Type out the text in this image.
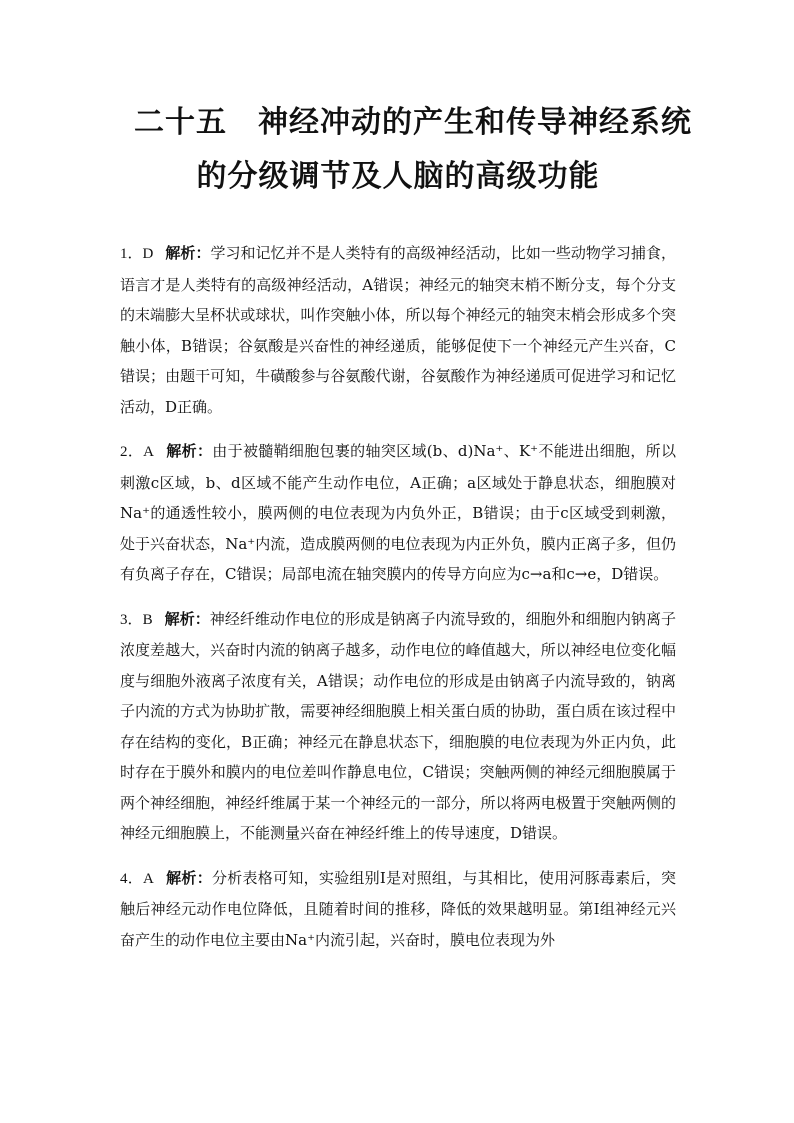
二十五　神经冲动的产生和传导神经系统
的分级调节及人脑的高级功能

1．D 解析：学习和记忆并不是人类特有的高级神经活动，比如一些动物学习捕食，语言才是人类特有的高级神经活动，A错误；神经元的轴突末梢不断分支，每个分支的末端膨大呈杯状或球状，叫作突触小体，所以每个神经元的轴突末梢会形成多个突触小体，B错误；谷氨酸是兴奋性的神经递质，能够促使下一个神经元产生兴奋，C错误；由题干可知，牛磺酸参与谷氨酸代谢，谷氨酸作为神经递质可促进学习和记忆活动，D正确。

2．A 解析：由于被髓鞘细胞包裹的轴突区域(b、d)Na⁺、K⁺不能进出细胞，所以刺激c区域，b、d区域不能产生动作电位，A正确；a区域处于静息状态，细胞膜对Na⁺的通透性较小，膜两侧的电位表现为内负外正，B错误；由于c区域受到刺激，处于兴奋状态，Na⁺内流，造成膜两侧的电位表现为内正外负，膜内正离子多，但仍有负离子存在，C错误；局部电流在轴突膜内的传导方向应为c→a和c→e，D错误。

3．B 解析：神经纤维动作电位的形成是钠离子内流导致的，细胞外和细胞内钠离子浓度差越大，兴奋时内流的钠离子越多，动作电位的峰值越大，所以神经电位变化幅度与细胞外液离子浓度有关，A错误；动作电位的形成是由钠离子内流导致的，钠离子内流的方式为协助扩散，需要神经细胞膜上相关蛋白质的协助，蛋白质在该过程中存在结构的变化，B正确；神经元在静息状态下，细胞膜的电位表现为外正内负，此时存在于膜外和膜内的电位差叫作静息电位，C错误；突触两侧的神经元细胞膜属于两个神经细胞，神经纤维属于某一个神经元的一部分，所以将两电极置于突触两侧的神经元细胞膜上，不能测量兴奋在神经纤维上的传导速度，D错误。

4．A 解析：分析表格可知，实验组别Ⅰ是对照组，与其相比，使用河豚毒素后，突触后神经元动作电位降低，且随着时间的推移，降低的效果越明显。第Ⅰ组神经元兴奋产生的动作电位主要由Na⁺内流引起，兴奋时，膜电位表现为外
